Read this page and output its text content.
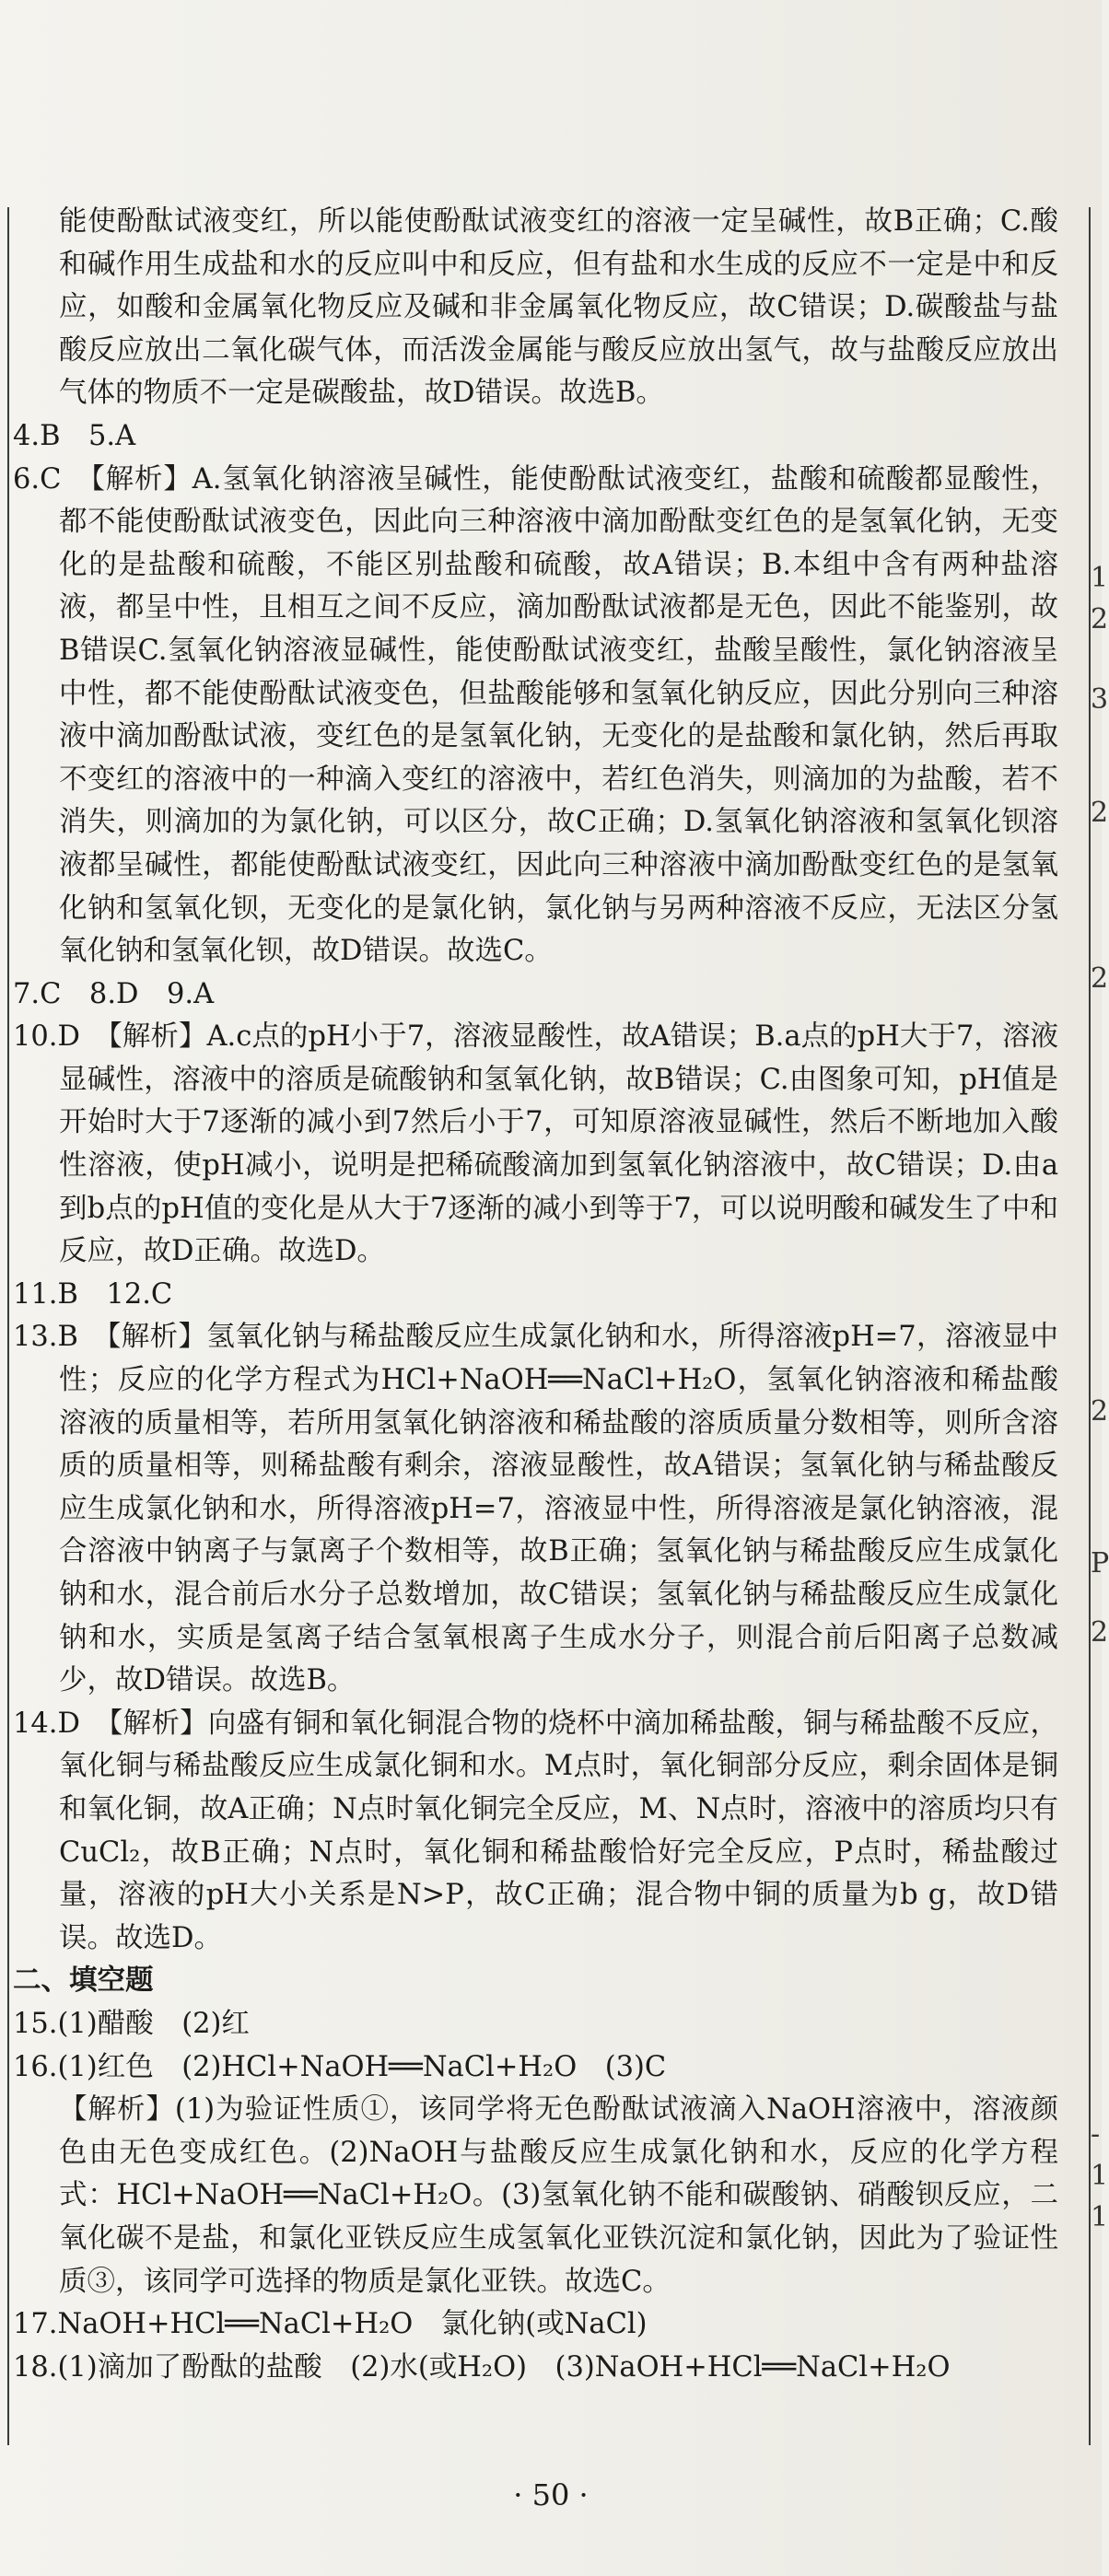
能使酚酞试液变红，所以能使酚酞试液变红的溶液一定呈碱性，故B正确；C.酸和碱作用生成盐和水的反应叫中和反应，但有盐和水生成的反应不一定是中和反应，如酸和金属氧化物反应及碱和非金属氧化物反应，故C错误；D.碳酸盐与盐酸反应放出二氧化碳气体，而活泼金属能与酸反应放出氢气，故与盐酸反应放出气体的物质不一定是碳酸盐，故D错误。故选B。

4.B　5.A

6.C　【解析】A.氢氧化钠溶液呈碱性，能使酚酞试液变红，盐酸和硫酸都显酸性，都不能使酚酞试液变色，因此向三种溶液中滴加酚酞变红色的是氢氧化钠，无变化的是盐酸和硫酸，不能区别盐酸和硫酸，故A错误；B.本组中含有两种盐溶液，都呈中性，且相互之间不反应，滴加酚酞试液都是无色，因此不能鉴别，故B错误C.氢氧化钠溶液显碱性，能使酚酞试液变红，盐酸呈酸性，氯化钠溶液呈中性，都不能使酚酞试液变色，但盐酸能够和氢氧化钠反应，因此分别向三种溶液中滴加酚酞试液，变红色的是氢氧化钠，无变化的是盐酸和氯化钠，然后再取不变红的溶液中的一种滴入变红的溶液中，若红色消失，则滴加的为盐酸，若不消失，则滴加的为氯化钠，可以区分，故C正确；D.氢氧化钠溶液和氢氧化钡溶液都呈碱性，都能使酚酞试液变红，因此向三种溶液中滴加酚酞变红色的是氢氧化钠和氢氧化钡，无变化的是氯化钠，氯化钠与另两种溶液不反应，无法区分氢氧化钠和氢氧化钡，故D错误。故选C。

7.C　8.D　9.A

10.D　【解析】A.c点的pH小于7，溶液显酸性，故A错误；B.a点的pH大于7，溶液显碱性，溶液中的溶质是硫酸钠和氢氧化钠，故B错误；C.由图象可知，pH值是开始时大于7逐渐的减小到7然后小于7，可知原溶液显碱性，然后不断地加入酸性溶液，使pH减小，说明是把稀硫酸滴加到氢氧化钠溶液中，故C错误；D.由a到b点的pH值的变化是从大于7逐渐的减小到等于7，可以说明酸和碱发生了中和反应，故D正确。故选D。

11.B　12.C

13.B　【解析】氢氧化钠与稀盐酸反应生成氯化钠和水，所得溶液pH=7，溶液显中性；反应的化学方程式为HCl+NaOH══NaCl+H₂O，氢氧化钠溶液和稀盐酸溶液的质量相等，若所用氢氧化钠溶液和稀盐酸的溶质质量分数相等，则所含溶质的质量相等，则稀盐酸有剩余，溶液显酸性，故A错误；氢氧化钠与稀盐酸反应生成氯化钠和水，所得溶液pH=7，溶液显中性，所得溶液是氯化钠溶液，混合溶液中钠离子与氯离子个数相等，故B正确；氢氧化钠与稀盐酸反应生成氯化钠和水，混合前后水分子总数增加，故C错误；氢氧化钠与稀盐酸反应生成氯化钠和水，实质是氢离子结合氢氧根离子生成水分子，则混合前后阳离子总数减少，故D错误。故选B。

14.D　【解析】向盛有铜和氧化铜混合物的烧杯中滴加稀盐酸，铜与稀盐酸不反应，氧化铜与稀盐酸反应生成氯化铜和水。M点时，氧化铜部分反应，剩余固体是铜和氧化铜，故A正确；N点时氧化铜完全反应，M、N点时，溶液中的溶质均只有CuCl₂，故B正确；N点时，氧化铜和稀盐酸恰好完全反应，P点时，稀盐酸过量，溶液的pH大小关系是N>P，故C正确；混合物中铜的质量为b g，故D错误。故选D。

二、填空题

15.(1)醋酸　(2)红

16.(1)红色　(2)HCl+NaOH══NaCl+H₂O　(3)C

【解析】(1)为验证性质①，该同学将无色酚酞试液滴入NaOH溶液中，溶液颜色由无色变成红色。(2)NaOH与盐酸反应生成氯化钠和水，反应的化学方程式：HCl+NaOH══NaCl+H₂O。(3)氢氧化钠不能和碳酸钠、硝酸钡反应，二氧化碳不是盐，和氯化亚铁反应生成氢氧化亚铁沉淀和氯化钠，因此为了验证性质③，该同学可选择的物质是氯化亚铁。故选C。

17.NaOH+HCl══NaCl+H₂O　氯化钠(或NaCl)

18.(1)滴加了酚酞的盐酸　(2)水(或H₂O)　(3)NaOH+HCl══NaCl+H₂O

1
2
3
2
2
2
P
2
-
1
1
· 50 ·
